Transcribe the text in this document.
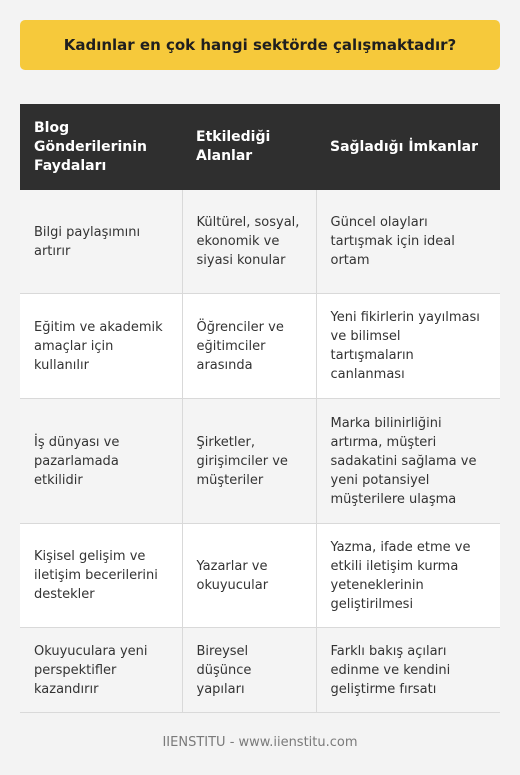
Kadınlar en çok hangi sektörde çalışmaktadır?
Blog Gönderilerinin Faydaları	Etkilediği Alanlar	Sağladığı İmkanlar
Bilgi paylaşımını artırır	Kültürel, sosyal, ekonomik ve siyasi konular	Güncel olayları tartışmak için ideal ortam
Eğitim ve akademik amaçlar için kullanılır	Öğrenciler ve eğitimciler arasında	Yeni fikirlerin yayılması ve bilimsel tartışmaların canlanması
İş dünyası ve pazarlamada etkilidir	Şirketler, girişimciler ve müşteriler	Marka bilinirliğini artırma, müşteri sadakatini sağlama ve yeni potansiyel müşterilere ulaşma
Kişisel gelişim ve iletişim becerilerini destekler	Yazarlar ve okuyucular	Yazma, ifade etme ve etkili iletişim kurma yeteneklerinin geliştirilmesi
Okuyuculara yeni perspektifler kazandırır	Bireysel düşünce yapıları	Farklı bakış açıları edinme ve kendini geliştirme fırsatı
IIENSTITU - www.iienstitu.com
